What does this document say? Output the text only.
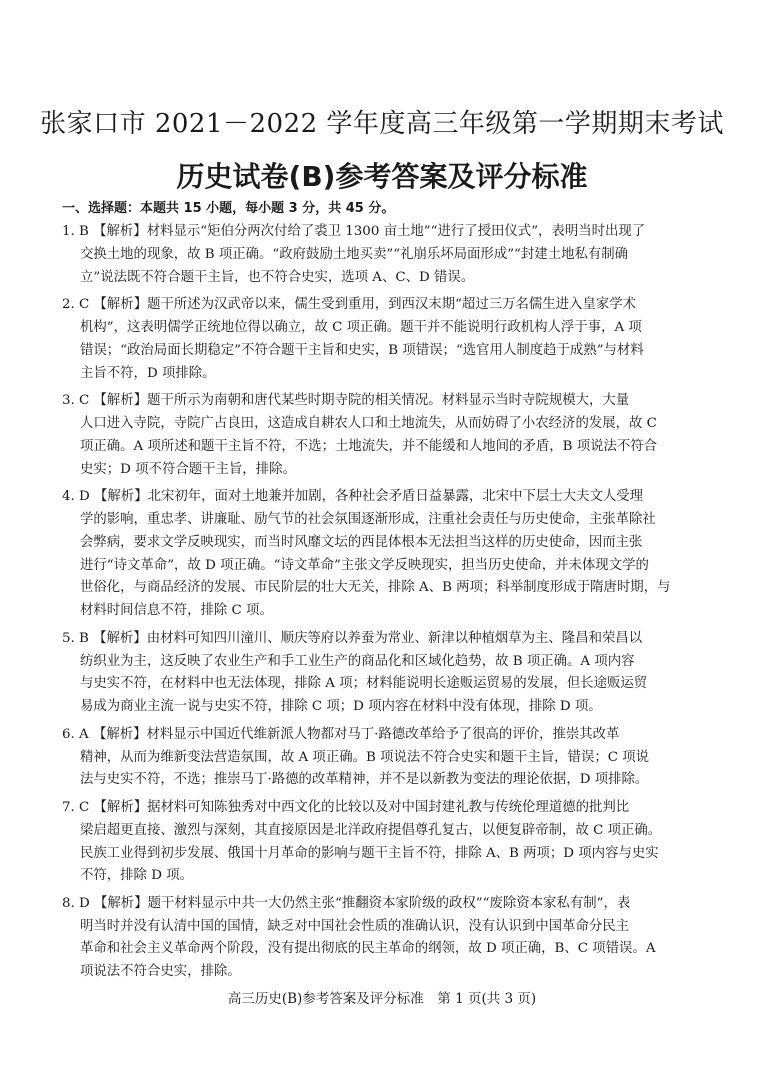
张家口市 2021－2022 学年度高三年级第一学期期末考试
历史试卷(B)参考答案及评分标准
一、选择题：本题共 15 小题，每小题 3 分，共 45 分。
1. B 【解析】材料显示“矩伯分两次付给了裘卫 1300 亩土地”“进行了授田仪式”，表明当时出现了
交换土地的现象，故 B 项正确。“政府鼓励土地买卖”“礼崩乐坏局面形成”“封建土地私有制确
立”说法既不符合题干主旨，也不符合史实，选项 A、C、D 错误。
2. C 【解析】题干所述为汉武帝以来，儒生受到重用，到西汉末期“超过三万名儒生进入皇家学术
机构”，这表明儒学正统地位得以确立，故 C 项正确。题干并不能说明行政机构人浮于事，A 项
错误；“政治局面长期稳定”不符合题干主旨和史实，B 项错误；“选官用人制度趋于成熟”与材料
主旨不符，D 项排除。
3. C 【解析】题干所示为南朝和唐代某些时期寺院的相关情况。材料显示当时寺院规模大，大量
人口进入寺院，寺院广占良田，这造成自耕农人口和土地流失，从而妨碍了小农经济的发展，故 C
项正确。A 项所述和题干主旨不符，不选；土地流失，并不能缓和人地间的矛盾，B 项说法不符合
史实；D 项不符合题干主旨，排除。
4. D 【解析】北宋初年，面对土地兼并加剧，各种社会矛盾日益暴露，北宋中下层士大夫文人受理
学的影响，重忠孝、讲廉耻、励气节的社会氛围逐渐形成，注重社会责任与历史使命，主张革除社
会弊病，要求文学反映现实，而当时风靡文坛的西昆体根本无法担当这样的历史使命，因而主张
进行“诗文革命”，故 D 项正确。“诗文革命”主张文学反映现实，担当历史使命，并未体现文学的
世俗化，与商品经济的发展、市民阶层的壮大无关，排除 A、B 两项；科举制度形成于隋唐时期，与
材料时间信息不符，排除 C 项。
5. B 【解析】由材料可知四川潼川、顺庆等府以养蚕为常业、新津以种植烟草为主、隆昌和荣昌以
纺织业为主，这反映了农业生产和手工业生产的商品化和区域化趋势，故 B 项正确。A 项内容
与史实不符，在材料中也无法体现，排除 A 项；材料能说明长途贩运贸易的发展，但长途贩运贸
易成为商业主流一说与史实不符，排除 C 项；D 项内容在材料中没有体现，排除 D 项。
6. A 【解析】材料显示中国近代维新派人物都对马丁·路德改革给予了很高的评价，推崇其改革
精神，从而为维新变法营造氛围，故 A 项正确。B 项说法不符合史实和题干主旨，错误；C 项说
法与史实不符，不选；推崇马丁·路德的改革精神，并不是以新教为变法的理论依据，D 项排除。
7. C 【解析】据材料可知陈独秀对中西文化的比较以及对中国封建礼教与传统伦理道德的批判比
梁启超更直接、激烈与深刻，其直接原因是北洋政府提倡尊孔复古，以便复辟帝制，故 C 项正确。
民族工业得到初步发展、俄国十月革命的影响与题干主旨不符，排除 A、B 两项；D 项内容与史实
不符，排除 D 项。
8. D 【解析】题干材料显示中共一大仍然主张“推翻资本家阶级的政权”“废除资本家私有制”，表
明当时并没有认清中国的国情，缺乏对中国社会性质的准确认识，没有认识到中国革命分民主
革命和社会主义革命两个阶段，没有提出彻底的民主革命的纲领，故 D 项正确，B、C 项错误。A
项说法不符合史实，排除。
高三历史(B)参考答案及评分标准　第 1 页(共 3 页)
